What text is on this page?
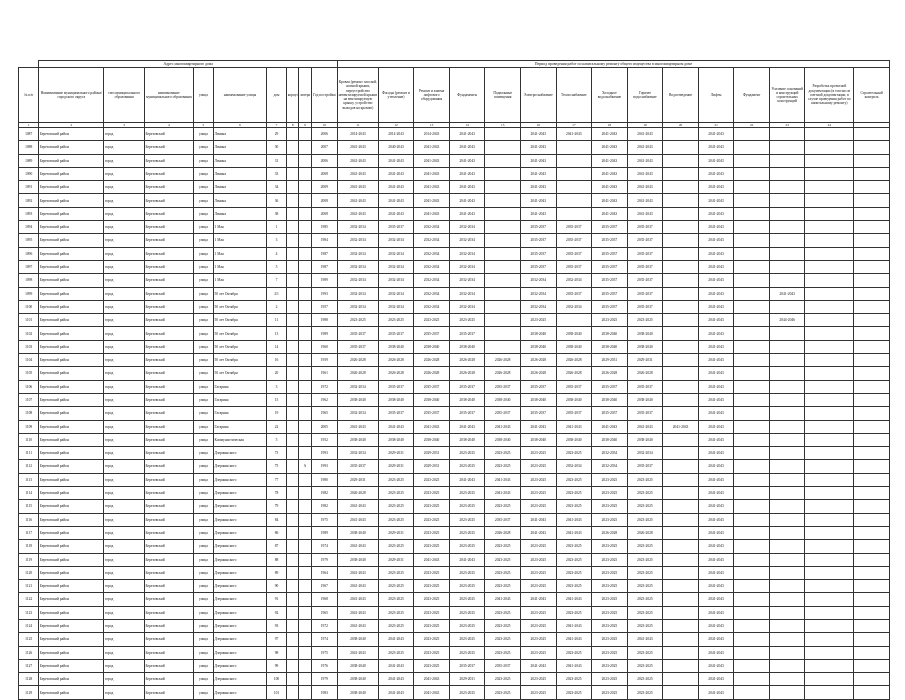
	Адрес многоквартирного дома									Период проведения работ по капитальному ремонту общего имущества в многоквартирном доме														
№ п/п	Наименование муниципального района/городского округа	тип муниципального образования	наименование муниципального образования	улица	наименование улицы	дом	корпус	литера	Год постройки	Кровля (ремонт плоской, скатной крыши, переустройство невентилируемой крыши на вентилируемую крышу, устройство выходов на кровлю)	Фасады (ремонт и утепление)	Ремонт и замена лифтового оборудования	Фундаменты	Подвальные помещения	Электроснабжение	Теплоснабжение	Холодное водоснабжение	Горячее водоснабжение	Водоотведение	Лифты	Фундамент	Усиление оснований и конструкций строительных конструкций	Разработка проектной документации (в том числе сметной документации, в случае проведения работ по капитальному ремонту)	Строительный контроль
1	2	3	4	5	6	7	8	9	10	11	12	13	14	15	16	17	18	19	20	21	22	23	24	
1087	Березовский район	город	Березовский	улица	Ленина	29			2006	2014-2043	2014-2043	2014-2043	2041-2043		2041-2043	2041-2043	2041-2043	2041-2043		2041-2043				
1088	Березовский район	город	Березовский	улица	Ленина	30			2007	2041-2043	2040-2043	2041-2043	2041-2043		2041-2043		2041-2043	2041-2043		2041-2043				
1089	Березовский район	город	Березовский	улица	Ленина	31			2006	2041-2043	2041-2043	2041-2043	2041-2043		2041-2043		2041-2043	2041-2043		2041-2043				
1090	Березовский район	город	Березовский	улица	Ленина	33			2008	2041-2043	2041-2043	2041-2043	2041-2043		2041-2043		2041-2043	2041-2043		2041-2043				
1091	Березовский район	город	Березовский	улица	Ленина	34			2009	2041-2043	2041-2043	2041-2043	2041-2043		2041-2043		2041-2043	2041-2043		2041-2043				
1092	Березовский район	город	Березовский	улица	Ленина	36			2008	2041-2043	2041-2043	2041-2043	2041-2043		2041-2043		2041-2043	2041-2043		2041-2043				
1093	Березовский район	город	Березовский	улица	Ленина	38			2008	2041-2043	2041-2043	2041-2043	2041-2043		2041-2043		2041-2043	2041-2043		2041-2043				
1094	Березовский район	город	Березовский	улица	1 Мая	1			1985	2032-2034	2035-2037	2032-2034	2032-2034		2035-2037	2035-2037	2035-2037	2035-2037		2041-2043				
1095	Березовский район	город	Березовский	улица	1 Мая	3			1984	2032-2034	2032-2034	2032-2034	2032-2034		2035-2037	2035-2037	2035-2037	2035-2037		2041-2043				
1096	Березовский район	город	Березовский	улица	1 Мая	4			1987	2032-2034	2032-2034	2032-2034	2032-2034		2035-2037	2035-2037	2035-2037	2035-2037		2041-2043				
1097	Березовский район	город	Березовский	улица	1 Мая	5			1987	2032-2034	2032-2034	2032-2034	2032-2034		2035-2037	2035-2037	2035-2037	2035-2037		2041-2043				
1098	Березовский район	город	Березовский	улица	1 Мая	7			1989	2032-2034	2032-2034	2032-2034	2032-2034		2032-2034	2032-2034	2035-2037	2035-2037		2041-2043				
1099	Березовский район	город	Березовский	улица	50 лет Октября	2/1			1993	2032-2034	2032-2034	2032-2034	2032-2034		2032-2034	2035-2037	2035-2037	2035-2037		2041-2043		2041-2043		
1100	Березовский район	город	Березовский	улица	50 лет Октября	2			1957	2032-2034	2032-2034	2032-2034	2032-2034		2032-2034	2032-2034	2035-2037	2035-2037		2041-2043				
1101	Березовский район	город	Березовский	улица	50 лет Октября	11			1988	2023-2025	2023-2025	2023-2025	2023-2025		2023-2025		2023-2025	2023-2025		2041-2043		2044-2046		
1102	Березовский район	город	Березовский	улица	50 лет Октября	13			1989	2035-2037	2035-2037	2035-2037	2035-2037		2038-2040	2038-2040	2038-2040	2038-2040		2041-2043				
1103	Березовский район	город	Березовский	улица	50 лет Октября	14			1960	2035-2037	2038-2040	2038-2040	2038-2040		2038-2040	2038-2040	2038-2040	2038-2040		2041-2043				
1104	Березовский район	город	Березовский	улица	50 лет Октября	16			1959	2026-2028	2026-2028	2026-2028	2026-2028	2026-2028	2026-2028	2026-2028	2029-2031	2029-2031		2041-2043				
1105	Березовский район	город	Березовский	улица	50 лет Октября	20			1961	2026-2028	2026-2028	2026-2028	2026-2028	2026-2028	2026-2028	2026-2028	2026-2028	2026-2028		2041-2043				
1106	Березовский район	город	Березовский	улица	Гагарина	3			1972	2032-2034	2035-2037	2035-2037	2035-2037	2035-2037	2035-2037	2035-2037	2035-2037	2035-2037		2041-2043				
1107	Березовский район	город	Березовский	улица	Гагарина	15			1962	2038-2040	2038-2040	2038-2040	2038-2040	2038-2040	2038-2040	2038-2040	2038-2040	2038-2040		2041-2043				
1108	Березовский район	город	Березовский	улица	Гагарина	19			1965	2032-2034	2035-2037	2035-2037	2035-2037	2035-2037	2035-2037	2035-2037	2035-2037	2035-2037		2041-2043				
1109	Березовский район	город	Березовский	улица	Гагарина	22			2005	2041-2043	2041-2043	2041-2043	2041-2043	2041-2043	2041-2043	2041-2043	2041-2043	2041-2043	2041-2043	2041-2043				
1110	Березовский район	город	Березовский	улица	Коммунистическая	5			1952	2038-2040	2038-2040	2038-2040	2038-2040	2038-2040	2038-2040	2038-2040	2038-2040	2038-2040		2041-2043				
1111	Березовский район	город	Березовский	улица	Дзержинского	73			1993	2032-2034	2029-2031	2029-2031	2023-2025	2023-2025	2023-2025	2023-2025	2032-2034	2032-2034		2041-2043				
1112	Березовский район	город	Березовский	улица	Дзержинского	75		А	1993	2035-2037	2029-2031	2029-2031	2023-2025	2023-2025	2023-2025	2032-2034	2032-2034	2035-2037		2041-2043				
1113	Березовский район	город	Березовский	улица	Дзержинского	77			1980	2029-2031	2023-2025	2023-2025	2041-2043	2041-2043	2023-2025	2023-2025	2023-2025	2023-2025		2041-2043				
1114	Березовский район	город	Березовский	улица	Дзержинского	78			1982	2026-2028	2023-2025	2023-2025	2023-2025	2041-2043	2023-2025	2023-2025	2023-2025	2023-2025		2041-2043				
1115	Березовский район	город	Березовский	улица	Дзержинского	79			1982	2041-2043	2023-2025	2023-2025	2023-2025	2023-2025	2023-2025	2023-2025	2023-2025	2023-2025		2041-2043				
1116	Березовский район	город	Березовский	улица	Дзержинского	84			1975	2041-2043	2023-2025	2023-2025	2023-2025	2035-2037	2041-2043	2041-2043	2023-2025	2023-2025		2041-2043				
1117	Березовский район	город	Березовский	улица	Дзержинского	86			1989	2038-2040	2029-2031	2023-2025	2023-2025	2026-2028	2041-2043	2041-2043	2026-2028	2026-2028		2041-2043				
1118	Березовский район	город	Березовский	улица	Дзержинского	87			1974	2041-2043	2023-2025	2023-2025	2023-2025	2023-2025	2023-2025	2023-2025	2023-2025	2023-2025		2041-2043				
1119	Березовский район	город	Березовский	улица	Дзержинского	88			1979	2038-2040	2029-2031	2041-2043	2041-2043	2023-2025	2023-2025	2023-2025	2023-2025	2023-2025		2041-2043				
1120	Березовский район	город	Березовский	улица	Дзержинского	89			1964	2041-2043	2023-2025	2023-2025	2023-2025	2023-2025	2023-2025	2023-2025	2023-2025	2023-2025		2041-2043				
1121	Березовский район	город	Березовский	улица	Дзержинского	90			1967	2041-2043	2023-2025	2023-2025	2023-2025	2023-2025	2023-2025	2023-2025	2023-2025	2023-2025		2041-2043				
1122	Березовский район	город	Березовский	улица	Дзержинского	91			1968	2041-2043	2023-2025	2023-2025	2023-2025	2041-2043	2041-2043	2041-2043	2023-2025	2023-2025		2041-2043				
1123	Березовский район	город	Березовский	улица	Дзержинского	92			1965	2041-2043	2023-2025	2023-2025	2023-2025	2023-2025	2023-2025	2023-2025	2023-2025	2023-2025		2041-2043				
1124	Березовский район	город	Березовский	улица	Дзержинского	93			1972	2041-2043	2023-2025	2023-2025	2023-2025	2023-2025	2023-2025	2041-2043	2023-2025	2023-2025		2041-2043				
1125	Березовский район	город	Березовский	улица	Дзержинского	97			1974	2038-2040	2041-2043	2023-2025	2023-2025	2023-2025	2023-2025	2041-2043	2023-2025	2041-2043		2041-2043				
1126	Березовский район	город	Березовский	улица	Дзержинского	98			1975	2041-2043	2023-2025	2023-2025	2023-2025	2023-2025	2023-2025	2023-2025	2023-2025	2023-2025		2041-2043				
1127	Березовский район	город	Березовский	улица	Дзержинского	99			1976	2038-2040	2041-2043	2023-2025	2035-2037	2035-2037	2041-2043	2041-2043	2023-2025	2023-2025		2041-2043				
1128	Березовский район	город	Березовский	улица	Дзержинского	100			1979	2038-2040	2041-2043	2041-2043	2029-2031	2023-2025	2023-2025	2023-2025	2023-2025	2023-2025		2041-2043				
1129	Березовский район	город	Березовский	улица	Дзержинского	101			1983	2038-2040	2041-2043	2041-2043	2023-2025	2023-2025	2023-2025	2023-2025	2023-2025	2023-2025		2041-2043				
